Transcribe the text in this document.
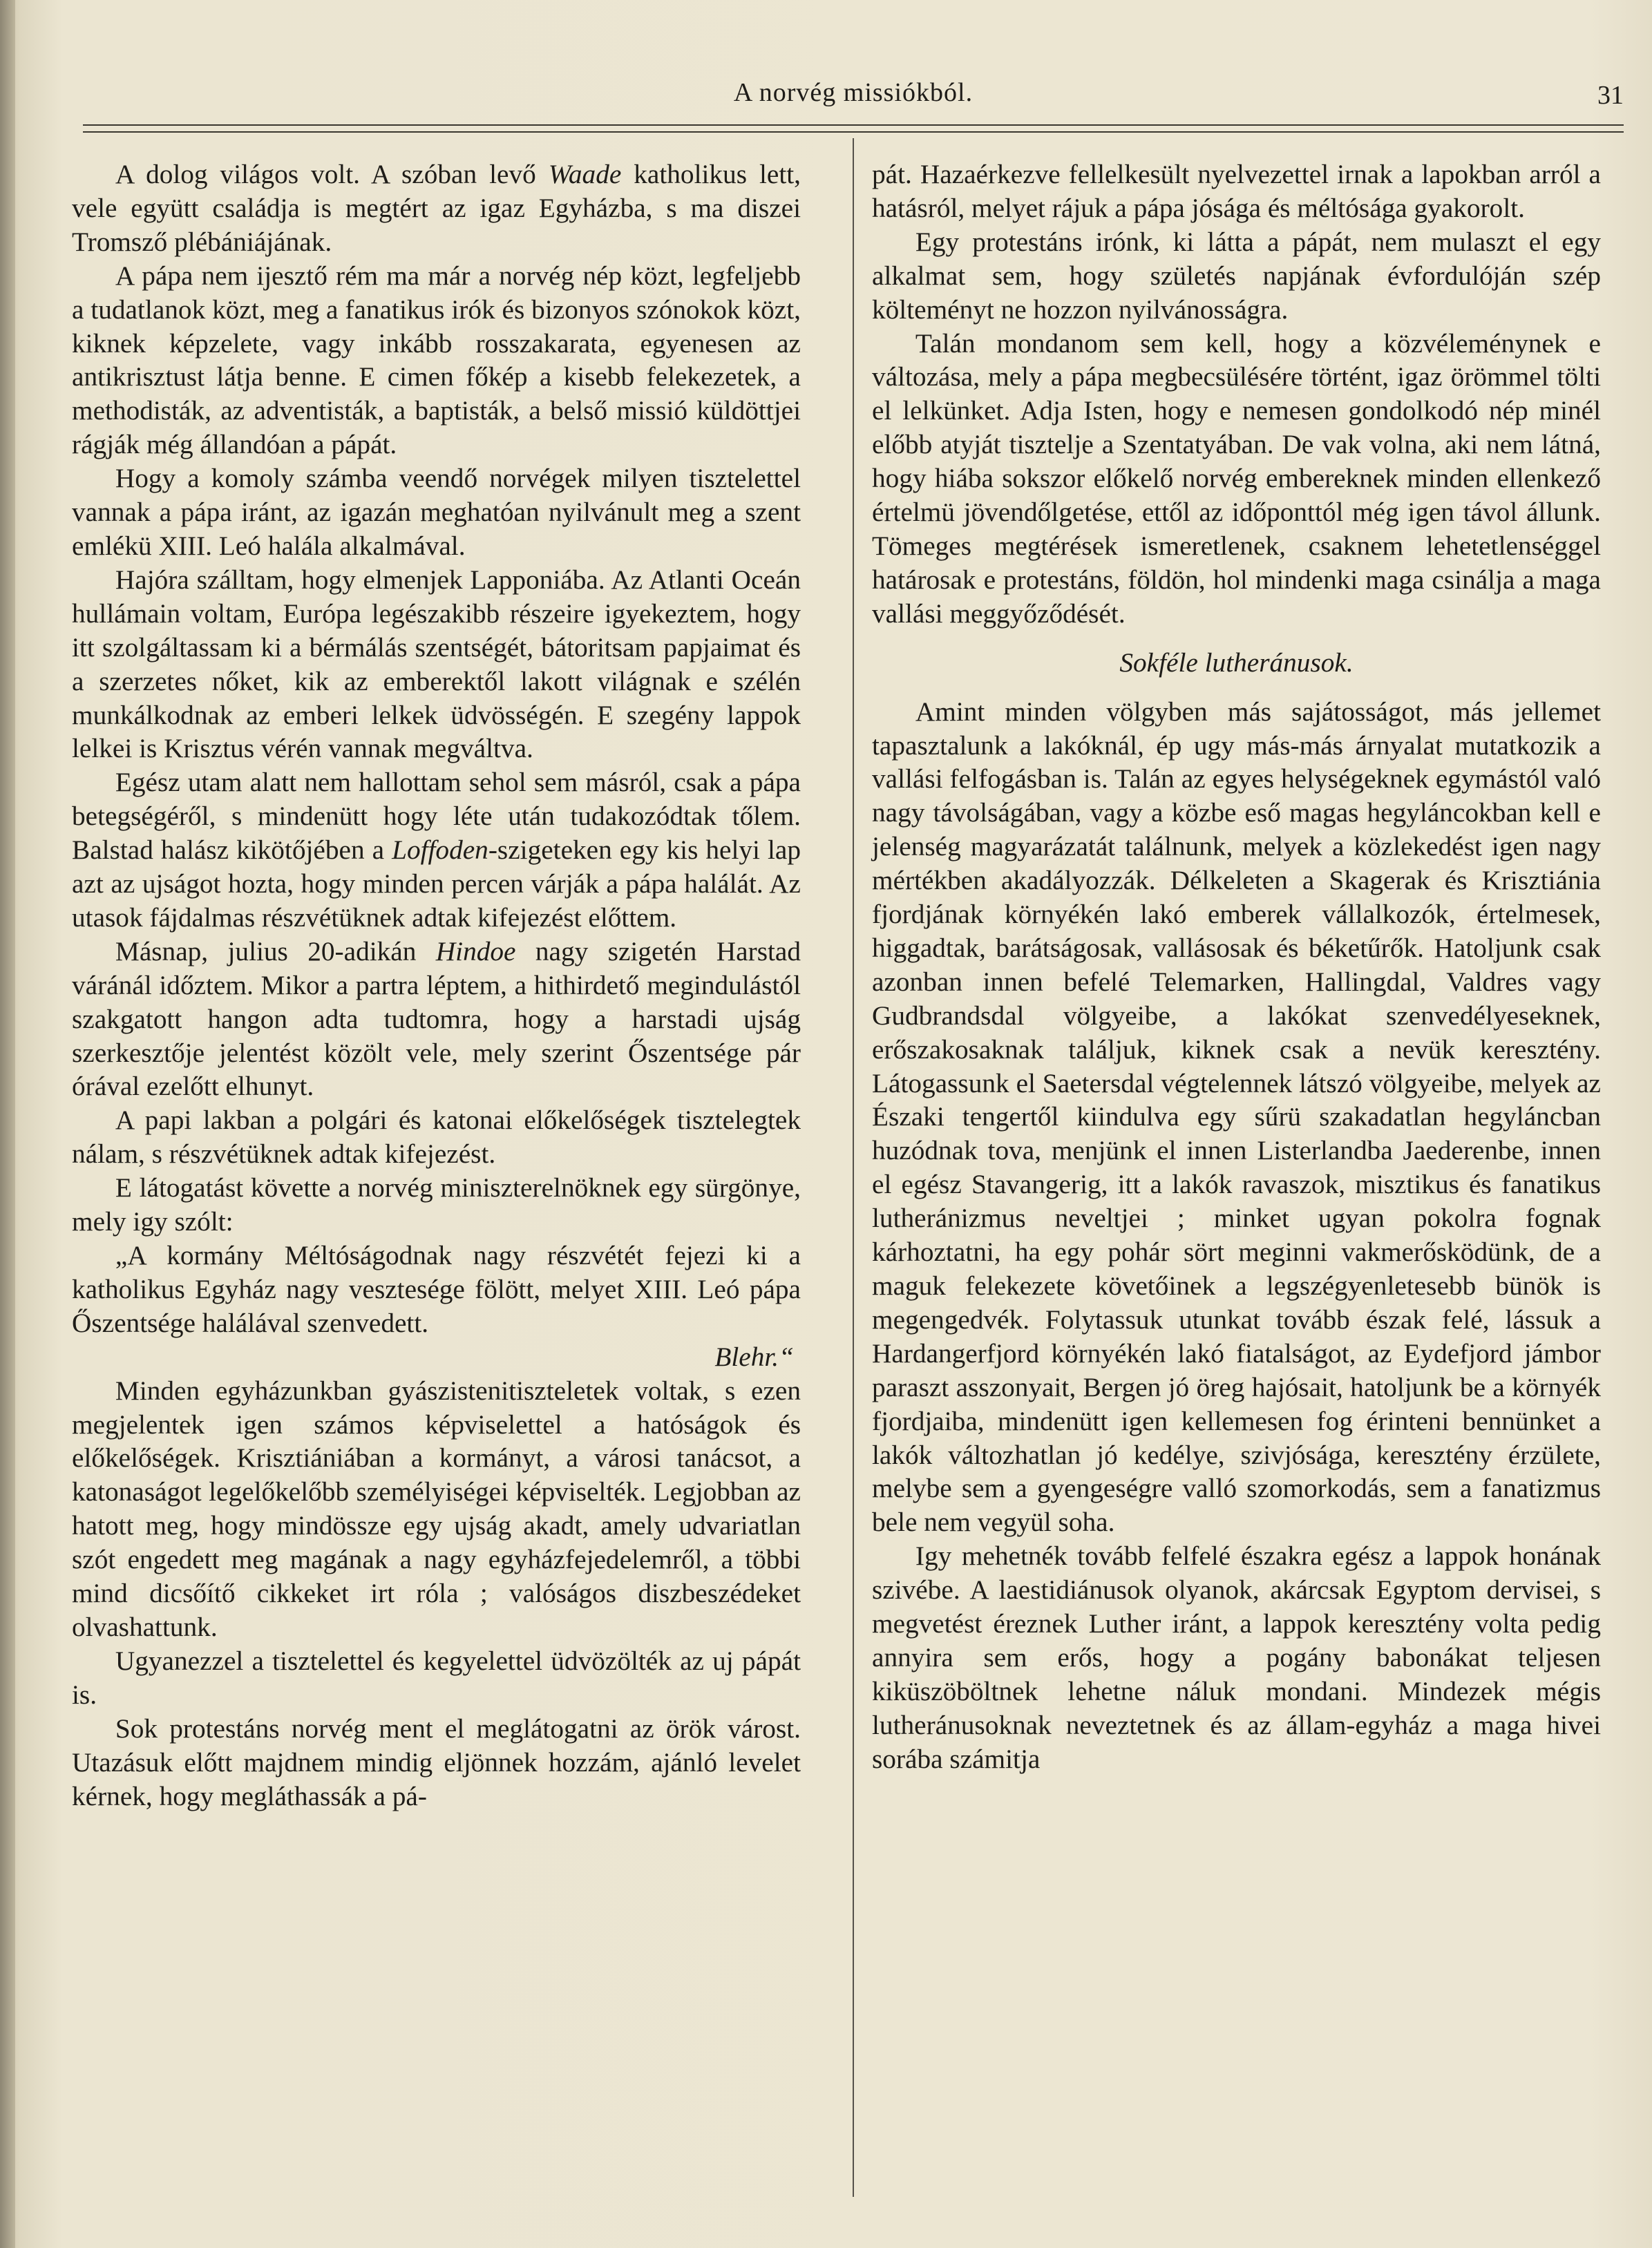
A norvég missiókból.	31

A dolog világos volt. A szóban levő Waade katholikus lett, vele együtt családja is megtért az igaz Egyházba, s ma diszei Tromsző plébániájának.

A pápa nem ijesztő rém ma már a norvég nép közt, legfeljebb a tudatlanok közt, meg a fanatikus irók és bizonyos szónokok közt, kiknek képzelete, vagy inkább rosszakarata, egyenesen az antikrisztust látja benne. E cimen főkép a kisebb felekezetek, a methodisták, az adventisták, a baptisták, a belső missió küldöttjei rágják még állandóan a pápát.

Hogy a komoly számba veendő norvégek milyen tisztelettel vannak a pápa iránt, az igazán meghatóan nyilvánult meg a szent emlékü XIII. Leó halála alkalmával.

Hajóra szálltam, hogy elmenjek Lapponiába. Az Atlanti Oceán hullámain voltam, Európa legészakibb részeire igyekeztem, hogy itt szolgáltassam ki a bérmálás szentségét, bátoritsam papjaimat és a szerzetes nőket, kik az emberektől lakott világnak e szélén munkálkodnak az emberi lelkek üdvösségén. E szegény lappok lelkei is Krisztus vérén vannak megváltva.

Egész utam alatt nem hallottam sehol sem másról, csak a pápa betegségéről, s mindenütt hogy léte után tudakozódtak tőlem. Balstad halász kikötőjében a Loffoden-szigeteken egy kis helyi lap azt az ujságot hozta, hogy minden percen várják a pápa halálát. Az utasok fájdalmas részvétüknek adtak kifejezést előttem.

Másnap, julius 20-adikán Hindoe nagy szigetén Harstad váránál időztem. Mikor a partra léptem, a hithirdető megindulástól szakgatott hangon adta tudtomra, hogy a harstadi ujság szerkesztője jelentést közölt vele, mely szerint Őszentsége pár órával ezelőtt elhunyt.

A papi lakban a polgári és katonai előkelőségek tisztelegtek nálam, s részvétüknek adtak kifejezést.

E látogatást követte a norvég miniszterelnöknek egy sürgönye, mely igy szólt:

„A kormány Méltóságodnak nagy részvétét fejezi ki a katholikus Egyház nagy vesztesége fölött, melyet XIII. Leó pápa Őszentsége halálával szenvedett.

Blehr.“

Minden egyházunkban gyászistenitiszteletek voltak, s ezen megjelentek igen számos képviselettel a hatóságok és előkelőségek. Krisztiániában a kormányt, a városi tanácsot, a katonaságot legelőkelőbb személyiségei képviselték. Legjobban az hatott meg, hogy mindössze egy ujság akadt, amely udvariatlan szót engedett meg magának a nagy egyházfejedelemről, a többi mind dicsőítő cikkeket irt róla ; valóságos diszbeszédeket olvashattunk.

Ugyanezzel a tisztelettel és kegyelettel üdvözölték az uj pápát is.

Sok protestáns norvég ment el meglátogatni az örök várost. Utazásuk előtt majdnem mindig eljönnek hozzám, ajánló levelet kérnek, hogy megláthassák a pá-

pát. Hazaérkezve fellelkesült nyelvezettel irnak a lapokban arról a hatásról, melyet rájuk a pápa jósága és méltósága gyakorolt.

Egy protestáns irónk, ki látta a pápát, nem mulaszt el egy alkalmat sem, hogy születés napjának évfordulóján szép költeményt ne hozzon nyilvánosságra.

Talán mondanom sem kell, hogy a közvéleménynek e változása, mely a pápa megbecsülésére történt, igaz örömmel tölti el lelkünket. Adja Isten, hogy e nemesen gondolkodó nép minél előbb atyját tisztelje a Szentatyában. De vak volna, aki nem látná, hogy hiába sokszor előkelő norvég embereknek minden ellenkező értelmü jövendőlgetése, ettől az időponttól még igen távol állunk. Tömeges megtérések ismeretlenek, csaknem lehetetlenséggel határosak e protestáns, földön, hol mindenki maga csinálja a maga vallási meggyőződését.

Sokféle lutheránusok.

Amint minden völgyben más sajátosságot, más jellemet tapasztalunk a lakóknál, ép ugy más-más árnyalat mutatkozik a vallási felfogásban is. Talán az egyes helységeknek egymástól való nagy távolságában, vagy a közbe eső magas hegyláncokban kell e jelenség magyarázatát találnunk, melyek a közlekedést igen nagy mértékben akadályozzák. Délkeleten a Skagerak és Krisztiánia fjordjának környékén lakó emberek vállalkozók, értelmesek, higgadtak, barátságosak, vallásosak és béketűrők. Hatoljunk csak azonban innen befelé Telemarken, Hallingdal, Valdres vagy Gudbrandsdal völgyeibe, a lakókat szenvedélyeseknek, erőszakosaknak találjuk, kiknek csak a nevük keresztény. Látogassunk el Saetersdal végtelennek látszó völgyeibe, melyek az Északi tengertől kiindulva egy sűrü szakadatlan hegyláncban huzódnak tova, menjünk el innen Listerlandba Jaederenbe, innen el egész Stavangerig, itt a lakók ravaszok, misztikus és fanatikus lutheránizmus neveltjei ; minket ugyan pokolra fognak kárhoztatni, ha egy pohár sört meginni vakmerősködünk, de a maguk felekezete követőinek a legszégyenletesebb bünök is megengedvék. Folytassuk utunkat tovább észak felé, lássuk a Hardangerfjord környékén lakó fiatalságot, az Eydefjord jámbor paraszt asszonyait, Bergen jó öreg hajósait, hatoljunk be a környék fjordjaiba, mindenütt igen kellemesen fog érinteni bennünket a lakók változhatlan jó kedélye, szivjósága, keresztény érzülete, melybe sem a gyengeségre valló szomorkodás, sem a fanatizmus bele nem vegyül soha.

Igy mehetnék tovább felfelé északra egész a lappok honának szivébe. A laestidiánusok olyanok, akárcsak Egyptom dervisei, s megvetést éreznek Luther iránt, a lappok keresztény volta pedig annyira sem erős, hogy a pogány babonákat teljesen kiküszöböltnek lehetne náluk mondani. Mindezek mégis lutheránusoknak neveztetnek és az állam-egyház a maga hivei sorába számitja
